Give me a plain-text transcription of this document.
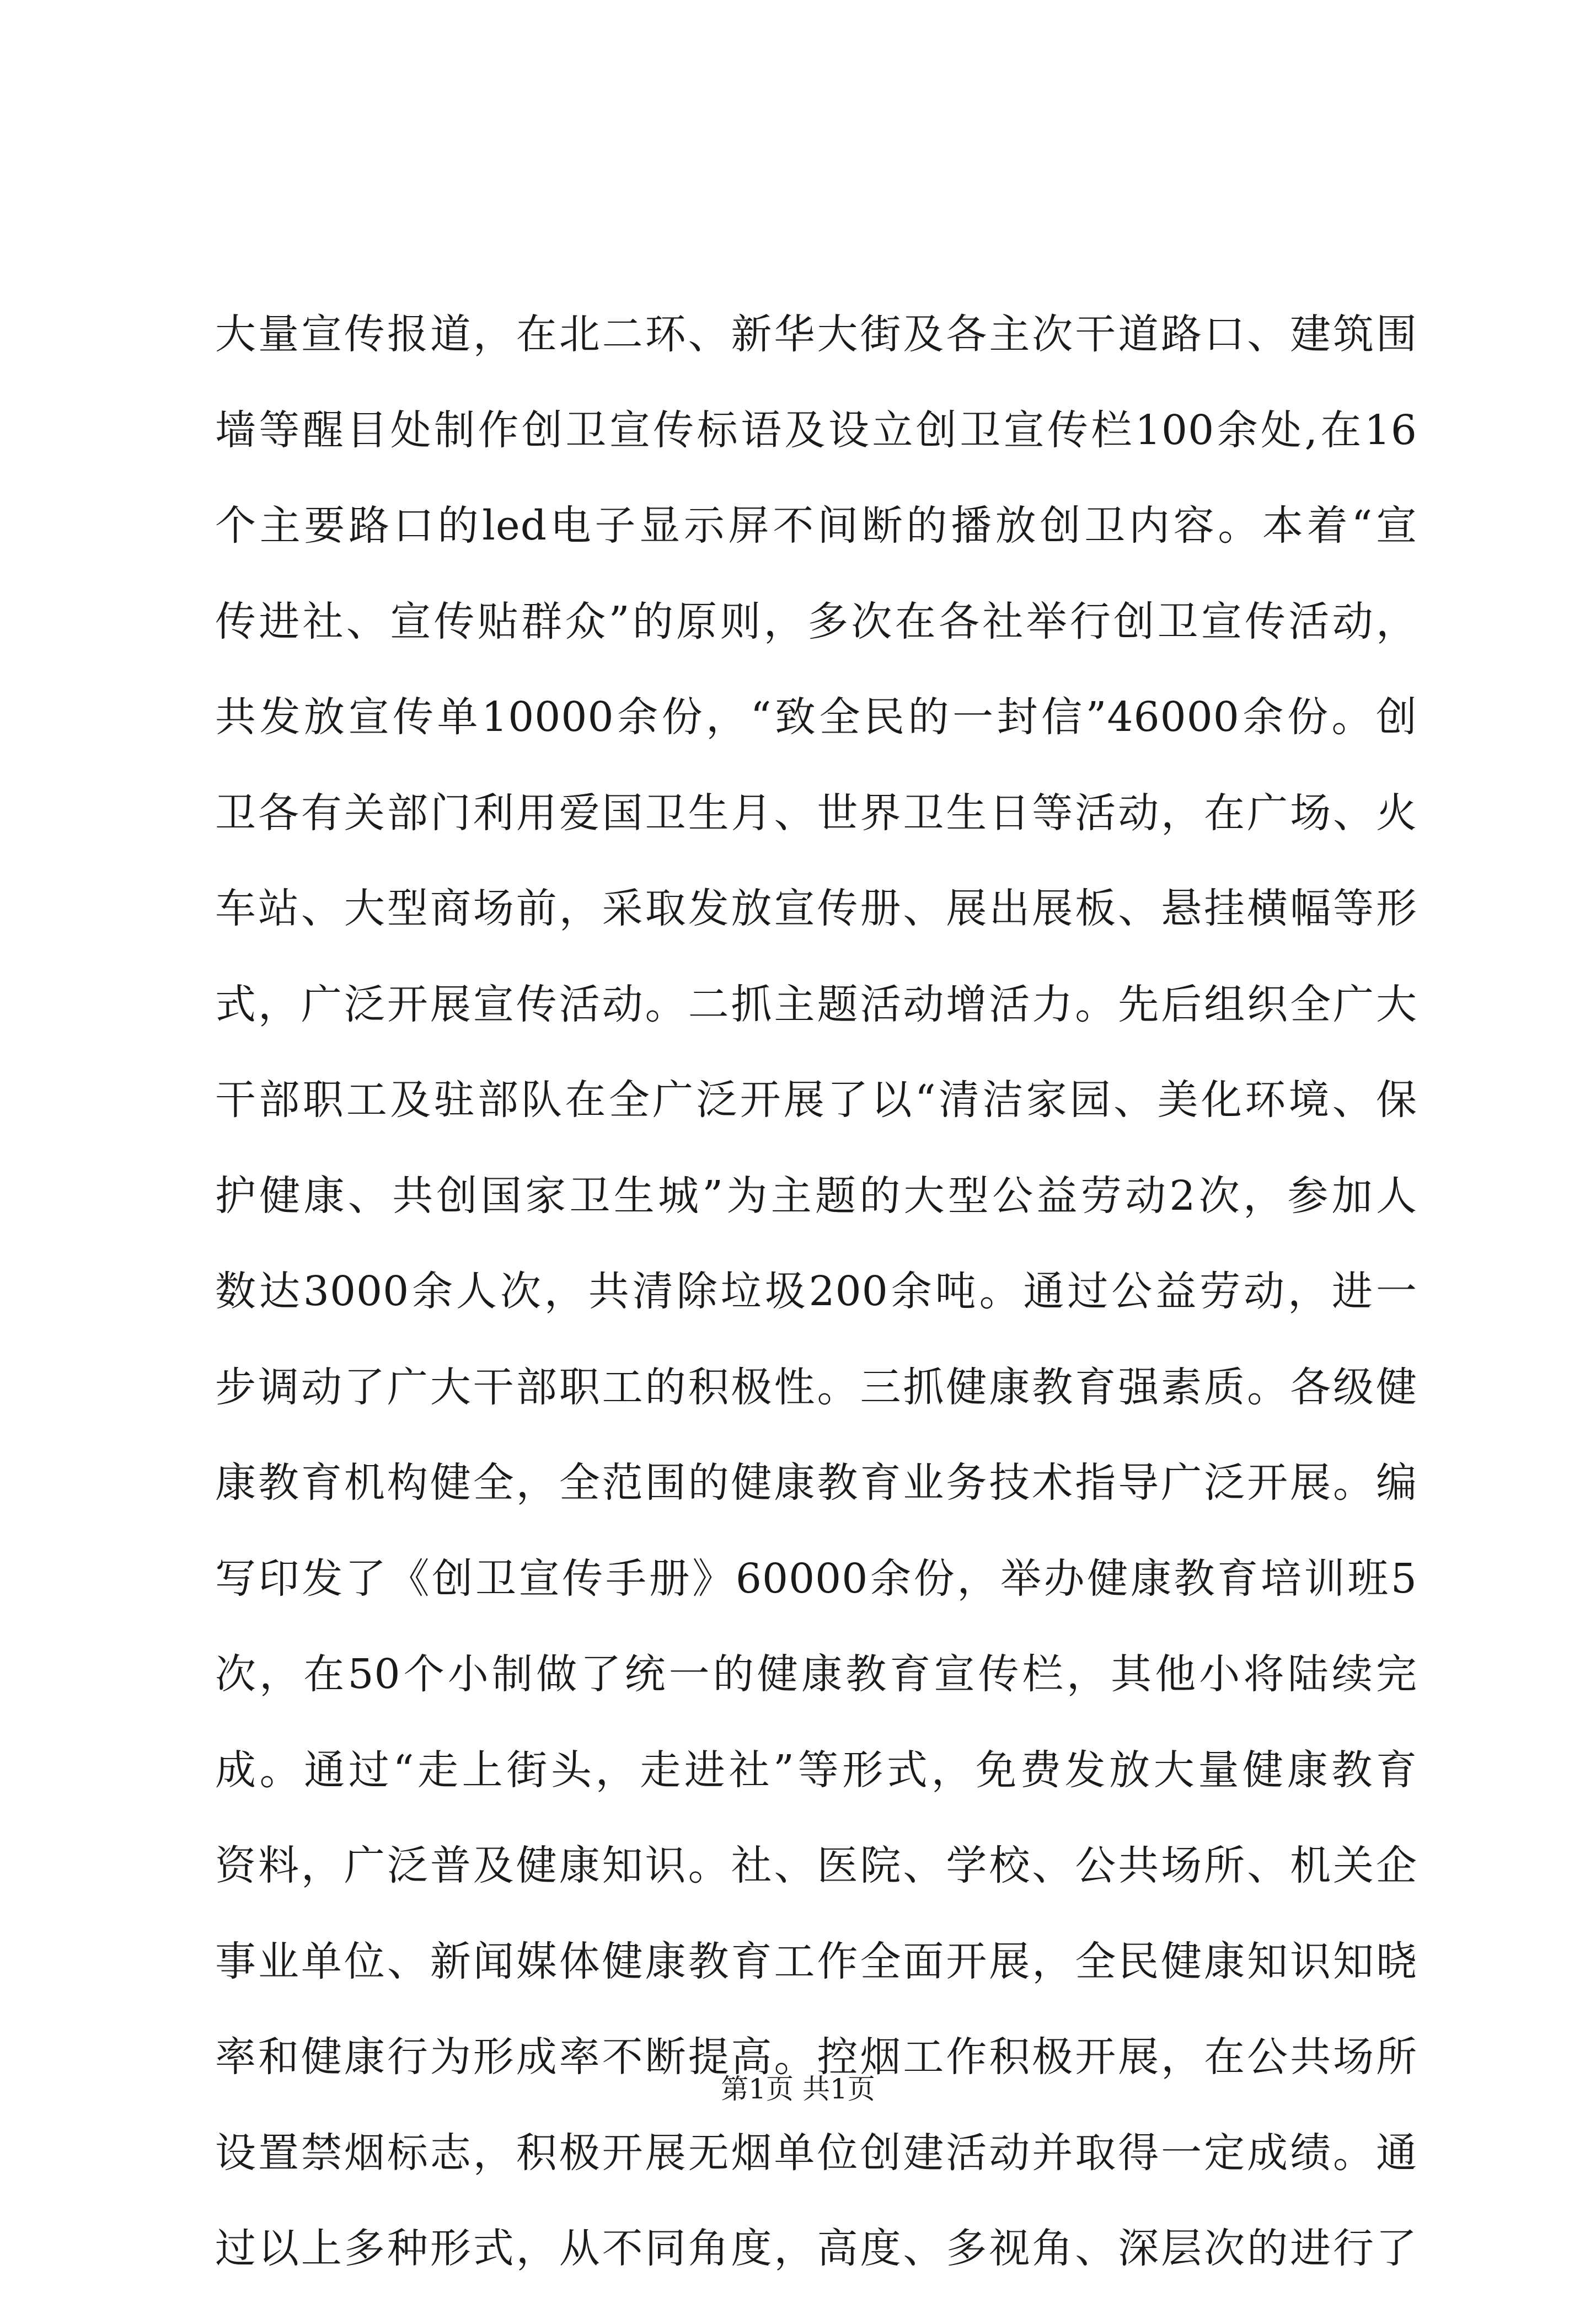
大量宣传报道，在北二环、新华大街及各主次干道路口、建筑围
墙等醒目处制作创卫宣传标语及设立创卫宣传栏100余处,在16
个主要路口的led电子显示屏不间断的播放创卫内容。本着“宣
传进社、宣传贴群众”的原则，多次在各社举行创卫宣传活动，
共发放宣传单10000余份，“致全民的一封信”46000余份。创
卫各有关部门利用爱国卫生月、世界卫生日等活动，在广场、火
车站、大型商场前，采取发放宣传册、展出展板、悬挂横幅等形
式，广泛开展宣传活动。二抓主题活动增活力。先后组织全广大
干部职工及驻部队在全广泛开展了以“清洁家园、美化环境、保
护健康、共创国家卫生城”为主题的大型公益劳动2次，参加人
数达3000余人次，共清除垃圾200余吨。通过公益劳动，进一
步调动了广大干部职工的积极性。三抓健康教育强素质。各级健
康教育机构健全，全范围的健康教育业务技术指导广泛开展。编
写印发了《创卫宣传手册》60000余份，举办健康教育培训班5
次，在50个小制做了统一的健康教育宣传栏，其他小将陆续完
成。通过“走上街头，走进社”等形式，免费发放大量健康教育
资料，广泛普及健康知识。社、医院、学校、公共场所、机关企
事业单位、新闻媒体健康教育工作全面开展，全民健康知识知晓
率和健康行为形成率不断提高。控烟工作积极开展，在公共场所
设置禁烟标志，积极开展无烟单位创建活动并取得一定成绩。通
过以上多种形式，从不同角度，高度、多视角、深层次的进行了
第1页 共1页
